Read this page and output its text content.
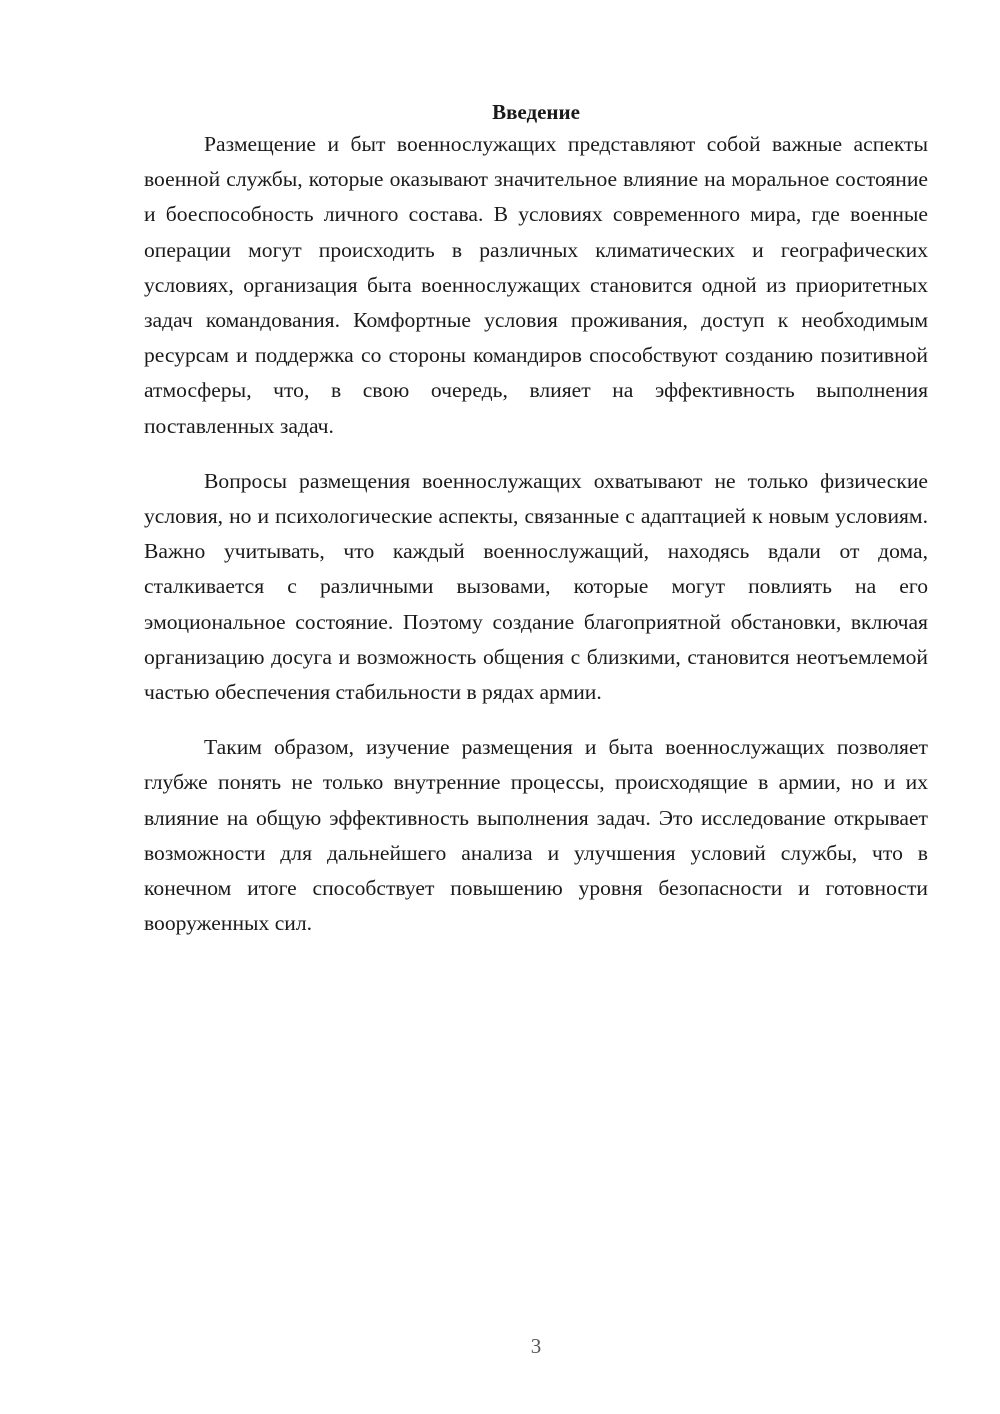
Введение

Размещение и быт военнослужащих представляют собой важные аспекты военной службы, которые оказывают значительное влияние на моральное состояние и боеспособность личного состава. В условиях современного мира, где военные операции могут происходить в различных климатических и географических условиях, организация быта военнослужащих становится одной из приоритетных задач командования. Комфортные условия проживания, доступ к необходимым ресурсам и поддержка со стороны командиров способствуют созданию позитивной атмосферы, что, в свою очередь, влияет на эффективность выполнения поставленных задач.

Вопросы размещения военнослужащих охватывают не только физические условия, но и психологические аспекты, связанные с адаптацией к новым условиям. Важно учитывать, что каждый военнослужащий, находясь вдали от дома, сталкивается с различными вызовами, которые могут повлиять на его эмоциональное состояние. Поэтому создание благоприятной обстановки, включая организацию досуга и возможность общения с близкими, становится неотъемлемой частью обеспечения стабильности в рядах армии.

Таким образом, изучение размещения и быта военнослужащих позволяет глубже понять не только внутренние процессы, происходящие в армии, но и их влияние на общую эффективность выполнения задач. Это исследование открывает возможности для дальнейшего анализа и улучшения условий службы, что в конечном итоге способствует повышению уровня безопасности и готовности вооруженных сил.

3
